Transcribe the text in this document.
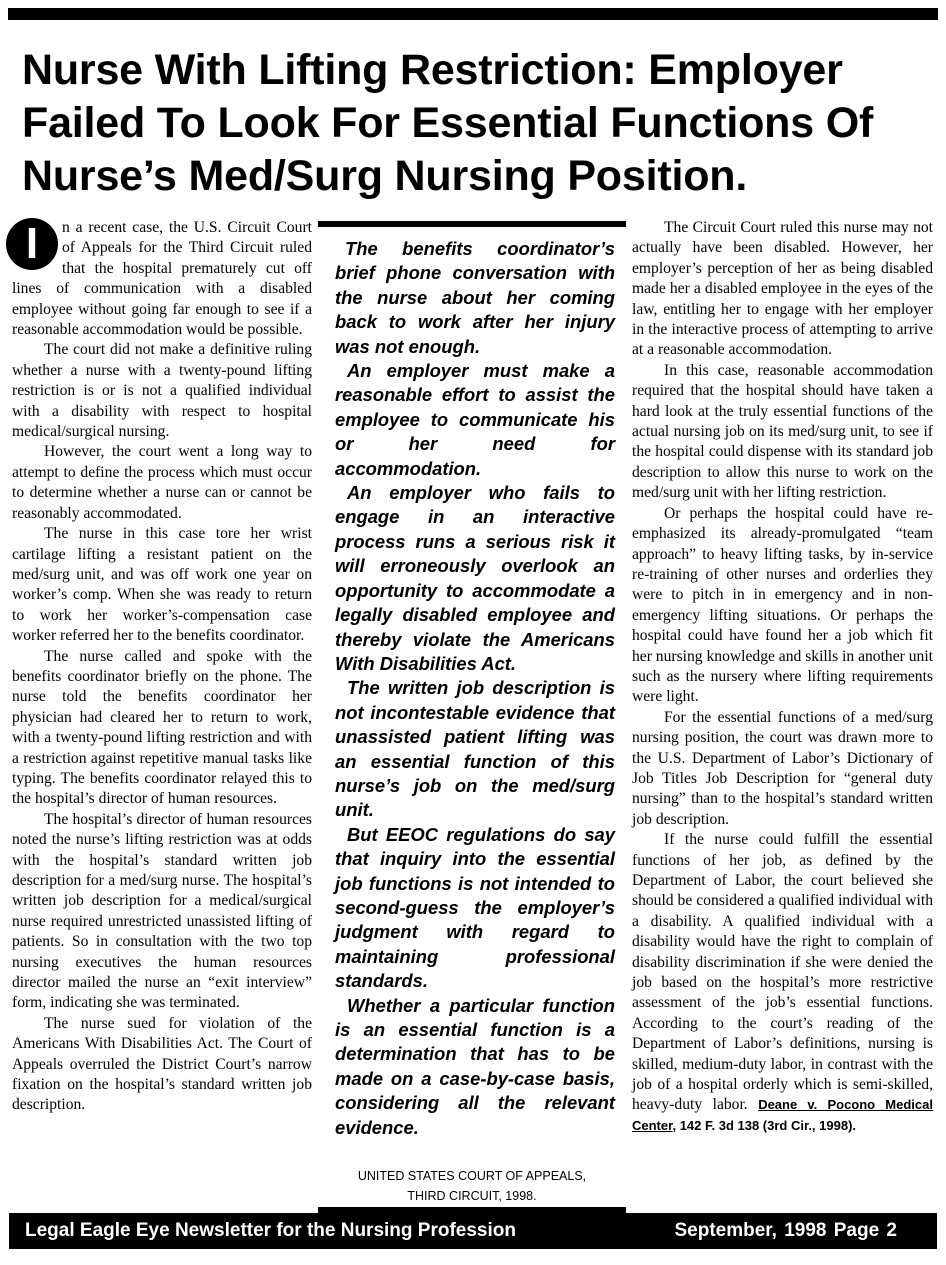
Nurse With Lifting Restriction: Employer Failed To Look For Essential Functions Of Nurse’s Med/Surg Nursing Position.
I	n a recent case, the U.S. Circuit Court of Appeals for the Third Circuit ruled that the hospital prematurely cut off lines of communication with a disabled employee without going far enough to see if a reasonable accommodation would be possible.

The court did not make a definitive ruling whether a nurse with a twenty-pound lifting restriction is or is not a qualified individual with a disability with respect to hospital medical/surgical nursing.

However, the court went a long way to attempt to define the process which must occur to determine whether a nurse can or cannot be reasonably accommodated.

The nurse in this case tore her wrist cartilage lifting a resistant patient on the med/surg unit, and was off work one year on worker’s comp. When she was ready to return to work her worker’s-compensation case worker referred her to the benefits coordinator.

The nurse called and spoke with the benefits coordinator briefly on the phone. The nurse told the benefits coordinator her physician had cleared her to return to work, with a twenty-pound lifting restriction and with a restriction against repetitive manual tasks like typing. The benefits coordinator relayed this to the hospital’s director of human resources.

The hospital’s director of human resources noted the nurse’s lifting restriction was at odds with the hospital’s standard written job description for a med/surg nurse. The hospital’s written job description for a medical/surgical nurse required unrestricted unassisted lifting of patients. So in consultation with the two top nursing executives the human resources director mailed the nurse an “exit interview” form, indicating she was terminated.

The nurse sued for violation of the Americans With Disabilities Act. The Court of Appeals overruled the District Court’s narrow fixation on the hospital’s standard written job description.

The benefits coordinator’s brief phone conversation with the nurse about her coming back to work after her injury was not enough.

An employer must make a reasonable effort to assist the employee to communicate his or her need for accommodation.

An employer who fails to engage in an interactive process runs a serious risk it will erroneously overlook an opportunity to accommodate a legally disabled employee and thereby violate the Americans With Disabilities Act.

The written job description is not incontestable evidence that unassisted patient lifting was an essential function of this nurse’s job on the med/surg unit.

But EEOC regulations do say that inquiry into the essential job functions is not intended to second-guess the employer’s judgment with regard to maintaining professional standards.

Whether a particular function is an essential function is a determination that has to be made on a case-by-case basis, considering all the relevant evidence.

UNITED STATES COURT OF APPEALS,
THIRD CIRCUIT, 1998.

The Circuit Court ruled this nurse may not actually have been disabled. However, her employer’s perception of her as being disabled made her a disabled employee in the eyes of the law, entitling her to engage with her employer in the interactive process of attempting to arrive at a reasonable accommodation.

In this case, reasonable accommodation required that the hospital should have taken a hard look at the truly essential functions of the actual nursing job on its med/surg unit, to see if the hospital could dispense with its standard job description to allow this nurse to work on the med/surg unit with her lifting restriction.

Or perhaps the hospital could have re-emphasized its already-promulgated “team approach” to heavy lifting tasks, by in-service re-training of other nurses and orderlies they were to pitch in in emergency and in non-emergency lifting situations. Or perhaps the hospital could have found her a job which fit her nursing knowledge and skills in another unit such as the nursery where lifting requirements were light.

For the essential functions of a med/surg nursing position, the court was drawn more to the U.S. Department of Labor’s Dictionary of Job Titles Job Description for “general duty nursing” than to the hospital’s standard written job description.

If the nurse could fulfill the essential functions of her job, as defined by the Department of Labor, the court believed she should be considered a qualified individual with a disability. A qualified individual with a disability would have the right to complain of disability discrimination if she were denied the job based on the hospital’s more restrictive assessment of the job’s essential functions. According to the court’s reading of the Department of Labor’s definitions, nursing is skilled, medium-duty labor, in contrast with the job of a hospital orderly which is semi-skilled, heavy-duty labor. Deane v. Pocono Medical Center, 142 F. 3d 138 (3rd Cir., 1998).

Legal Eagle Eye Newsletter for the Nursing Profession	September, 1998 Page 2
